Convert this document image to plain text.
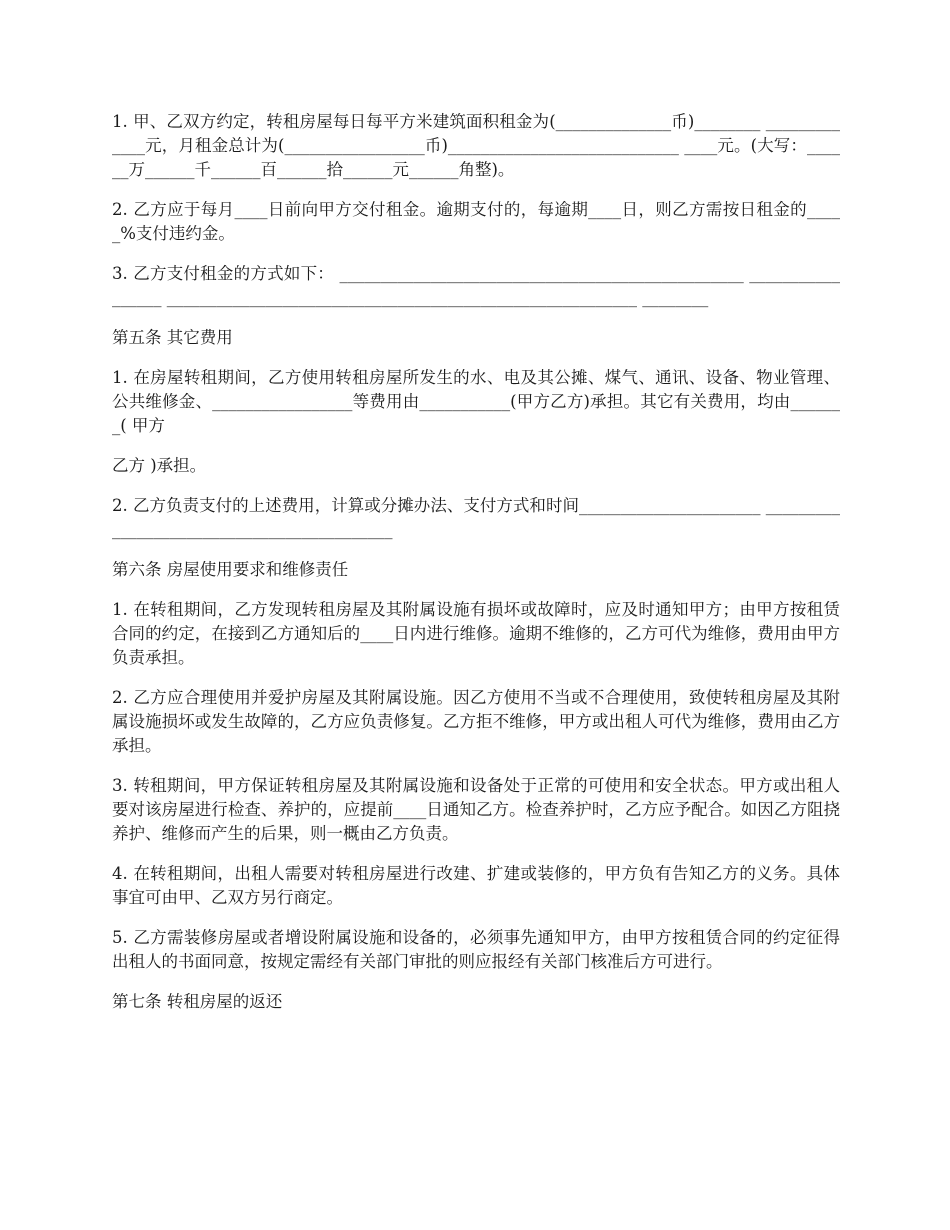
1. 甲、乙双方约定，转租房屋每日每平方米建筑面积租金为(______________币)________ _____________元，月租金总计为(_________________币)____________________________ ____元。(大写：______万______千______百______拾______元______角整)。

2. 乙方应于每月____日前向甲方交付租金。逾期支付的，每逾期____日，则乙方需按日租金的_____%支付违约金。

3. 乙方支付租金的方式如下： _________________________________________________ _________________ _________________________________________________________ ________

第五条 其它费用

1. 在房屋转租期间，乙方使用转租房屋所发生的水、电及其公摊、煤气、通讯、设备、物业管理、公共维修金、_________________等费用由___________(甲方乙方)承担。其它有关费用，均由_______( 甲方

乙方 )承担。

2. 乙方负责支付的上述费用，计算或分摊办法、支付方式和时间______________________ ___________________________________________

第六条 房屋使用要求和维修责任

1. 在转租期间，乙方发现转租房屋及其附属设施有损坏或故障时，应及时通知甲方；由甲方按租赁合同的约定，在接到乙方通知后的____日内进行维修。逾期不维修的，乙方可代为维修，费用由甲方负责承担。

2. 乙方应合理使用并爱护房屋及其附属设施。因乙方使用不当或不合理使用，致使转租房屋及其附属设施损坏或发生故障的，乙方应负责修复。乙方拒不维修，甲方或出租人可代为维修，费用由乙方承担。

3. 转租期间，甲方保证转租房屋及其附属设施和设备处于正常的可使用和安全状态。甲方或出租人要对该房屋进行检查、养护的，应提前____日通知乙方。检查养护时，乙方应予配合。如因乙方阻挠养护、维修而产生的后果，则一概由乙方负责。

4. 在转租期间，出租人需要对转租房屋进行改建、扩建或装修的，甲方负有告知乙方的义务。具体事宜可由甲、乙双方另行商定。

5. 乙方需装修房屋或者增设附属设施和设备的，必须事先通知甲方，由甲方按租赁合同的约定征得出租人的书面同意，按规定需经有关部门审批的则应报经有关部门核准后方可进行。

第七条 转租房屋的返还
